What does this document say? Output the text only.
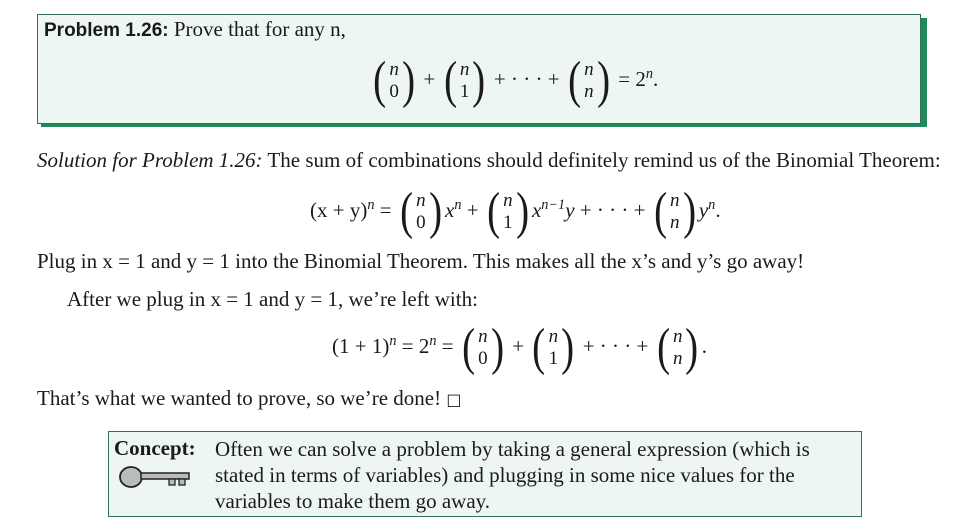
Problem 1.26: Prove that for any n,
( n
0 ) + ( n
1 ) + · · · + ( n
n ) = $2^n$.
Solution for Problem 1.26: The sum of combinations should definitely remind us of the Binomial Theorem:
$(x + y)^n$ = ( n
0 ) $x^n$ + ( n
1 ) $x^{n-1}y$ + · · · + ( n
n ) $y^n$.
Plug in x = 1 and y = 1 into the Binomial Theorem. This makes all the x’s and y’s go away!
After we plug in x = 1 and y = 1, we’re left with:
$(1 + 1)^n = 2^n$ = ( n
0 ) + ( n
1 ) + · · · + ( n
n ) .
That’s what we wanted to prove, so we’re done! □
Concept: Often we can solve a problem by taking a general expression (which is
stated in terms of variables) and plugging in some nice values for the
variables to make them go away.
